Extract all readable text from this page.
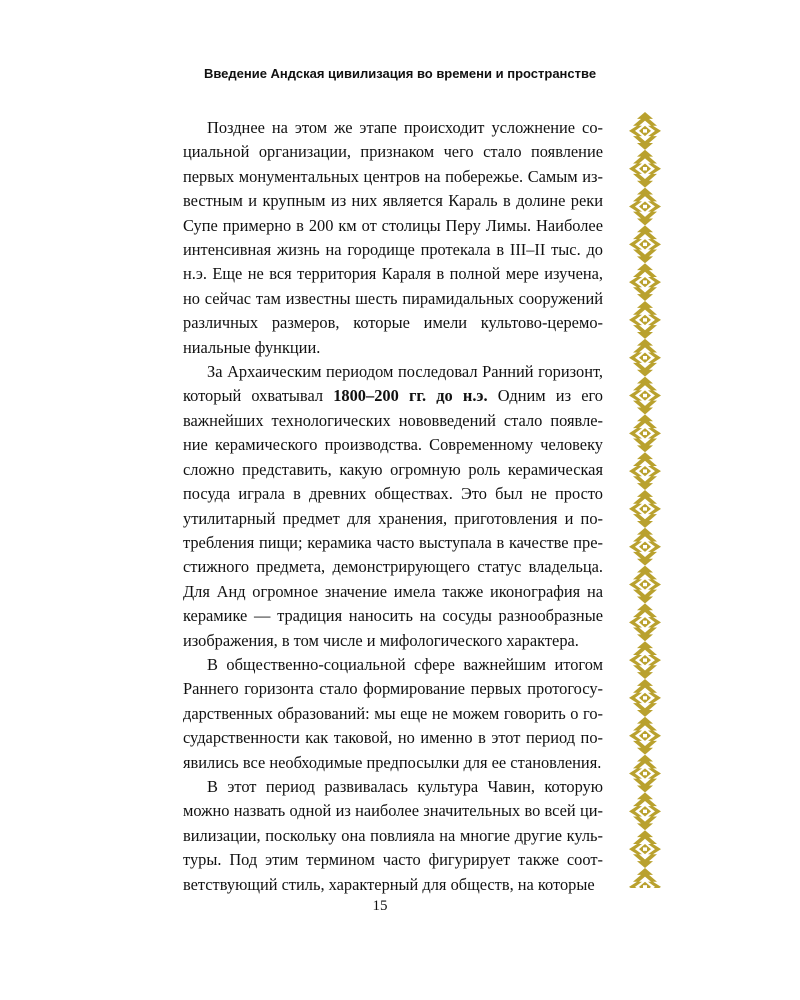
Введение Андская цивилизация во времени и пространстве

Позднее на этом же этапе происходит усложнение социальной организации, признаком чего стало появление первых монументальных центров на побережье. Самым известным и крупным из них является Караль в долине реки Супе примерно в 200 км от столицы Перу Лимы. Наиболее интенсивная жизнь на городище протекала в III–II тыс. до н.э. Еще не вся территория Караля в полной мере изучена, но сейчас там известны шесть пирамидальных сооружений различных размеров, которые имели культово-церемониальные функции.

За Архаическим периодом последовал Ранний горизонт, который охватывал 1800–200 гг. до н.э. Одним из его важнейших технологических нововведений стало появление керамического производства. Современному человеку сложно представить, какую огромную роль керамическая посуда играла в древних обществах. Это был не просто утилитарный предмет для хранения, приготовления и потребления пищи; керамика часто выступала в качестве престижного предмета, демонстрирующего статус владельца. Для Анд огромное значение имела также иконография на керамике — традиция наносить на сосуды разнообразные изображения, в том числе и мифологического характера.

В общественно-социальной сфере важнейшим итогом Раннего горизонта стало формирование первых протогосударственных образований: мы еще не можем говорить о государственности как таковой, но именно в этот период появились все необходимые предпосылки для ее становления.

В этот период развивалась культура Чавин, которую можно назвать одной из наиболее значительных во всей цивилизации, поскольку она повлияла на многие другие культуры. Под этим термином часто фигурирует также соответствующий стиль, характерный для обществ, на которые

15
